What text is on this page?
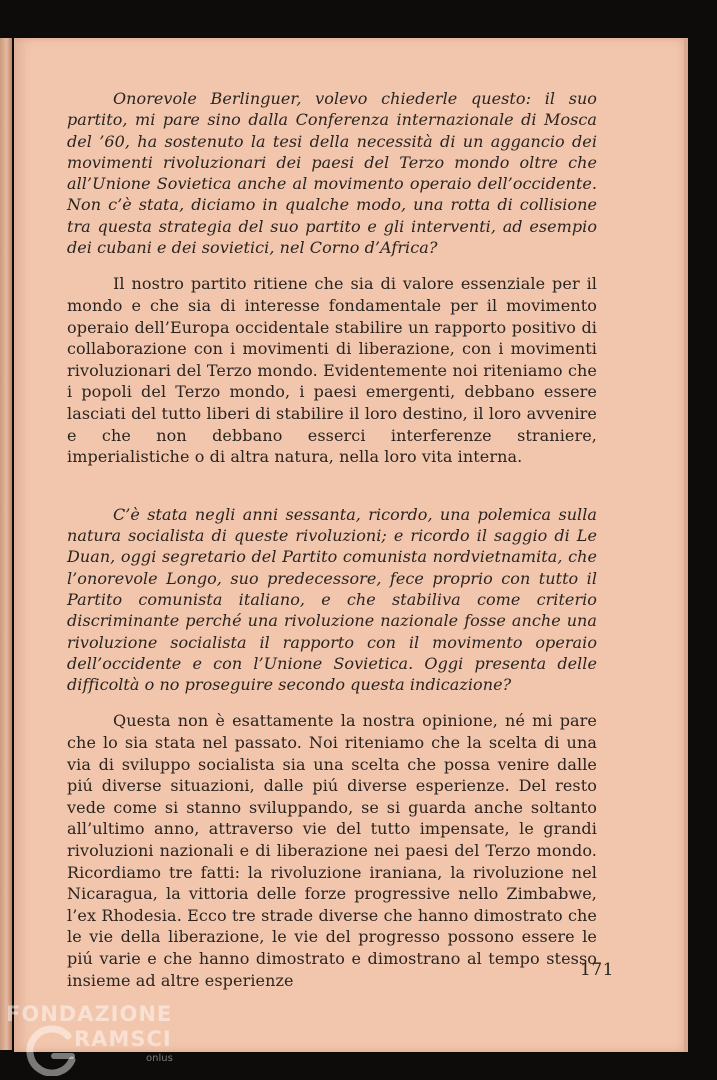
Onorevole Berlinguer, volevo chiederle questo: il suo partito, mi pare sino dalla Conferenza internazionale di Mosca del ’60, ha sostenuto la tesi della necessità di un aggancio dei movimenti rivoluzionari dei paesi del Terzo mondo oltre che all’Unione Sovietica anche al movimento operaio dell’occidente. Non c’è stata, diciamo in qualche modo, una rotta di collisione tra questa strategia del suo partito e gli interventi, ad esempio dei cubani e dei sovietici, nel Corno d’Africa?

Il nostro partito ritiene che sia di valore essenziale per il mondo e che sia di interesse fondamentale per il movimento operaio dell’Europa occidentale stabilire un rapporto positivo di collaborazione con i movimenti di liberazione, con i movimenti rivoluzionari del Terzo mondo. Evidentemente noi riteniamo che i popoli del Terzo mondo, i paesi emergenti, debbano essere lasciati del tutto liberi di stabilire il loro destino, il loro avvenire e che non debbano esserci interferenze straniere, imperialistiche o di altra natura, nella loro vita interna.

C’è stata negli anni sessanta, ricordo, una polemica sulla natura socialista di queste rivoluzioni; e ricordo il saggio di Le Duan, oggi segretario del Partito comunista nordvietnamita, che l’onorevole Longo, suo predecessore, fece proprio con tutto il Partito comunista italiano, e che stabiliva come criterio discriminante perché una rivoluzione nazionale fosse anche una rivoluzione socialista il rapporto con il movimento operaio dell’occidente e con l’Unione Sovietica. Oggi presenta delle difficoltà o no proseguire secondo questa indicazione?

Questa non è esattamente la nostra opinione, né mi pare che lo sia stata nel passato. Noi riteniamo che la scelta di una via di sviluppo socialista sia una scelta che possa venire dalle piú diverse situazioni, dalle piú diverse esperienze. Del resto vede come si stanno sviluppando, se si guarda anche soltanto all’ultimo anno, attraverso vie del tutto impensate, le grandi rivoluzioni nazionali e di liberazione nei paesi del Terzo mondo. Ricordiamo tre fatti: la rivoluzione iraniana, la rivoluzione nel Nicaragua, la vittoria delle forze progressive nello Zimbabwe, l’ex Rhodesia. Ecco tre strade diverse che hanno dimostrato che le vie della liberazione, le vie del progresso possono essere le piú varie e che hanno dimostrato e dimostrano al tempo stesso insieme ad altre esperienze

171
FONDAZIONE
RAMSCI
onlus
